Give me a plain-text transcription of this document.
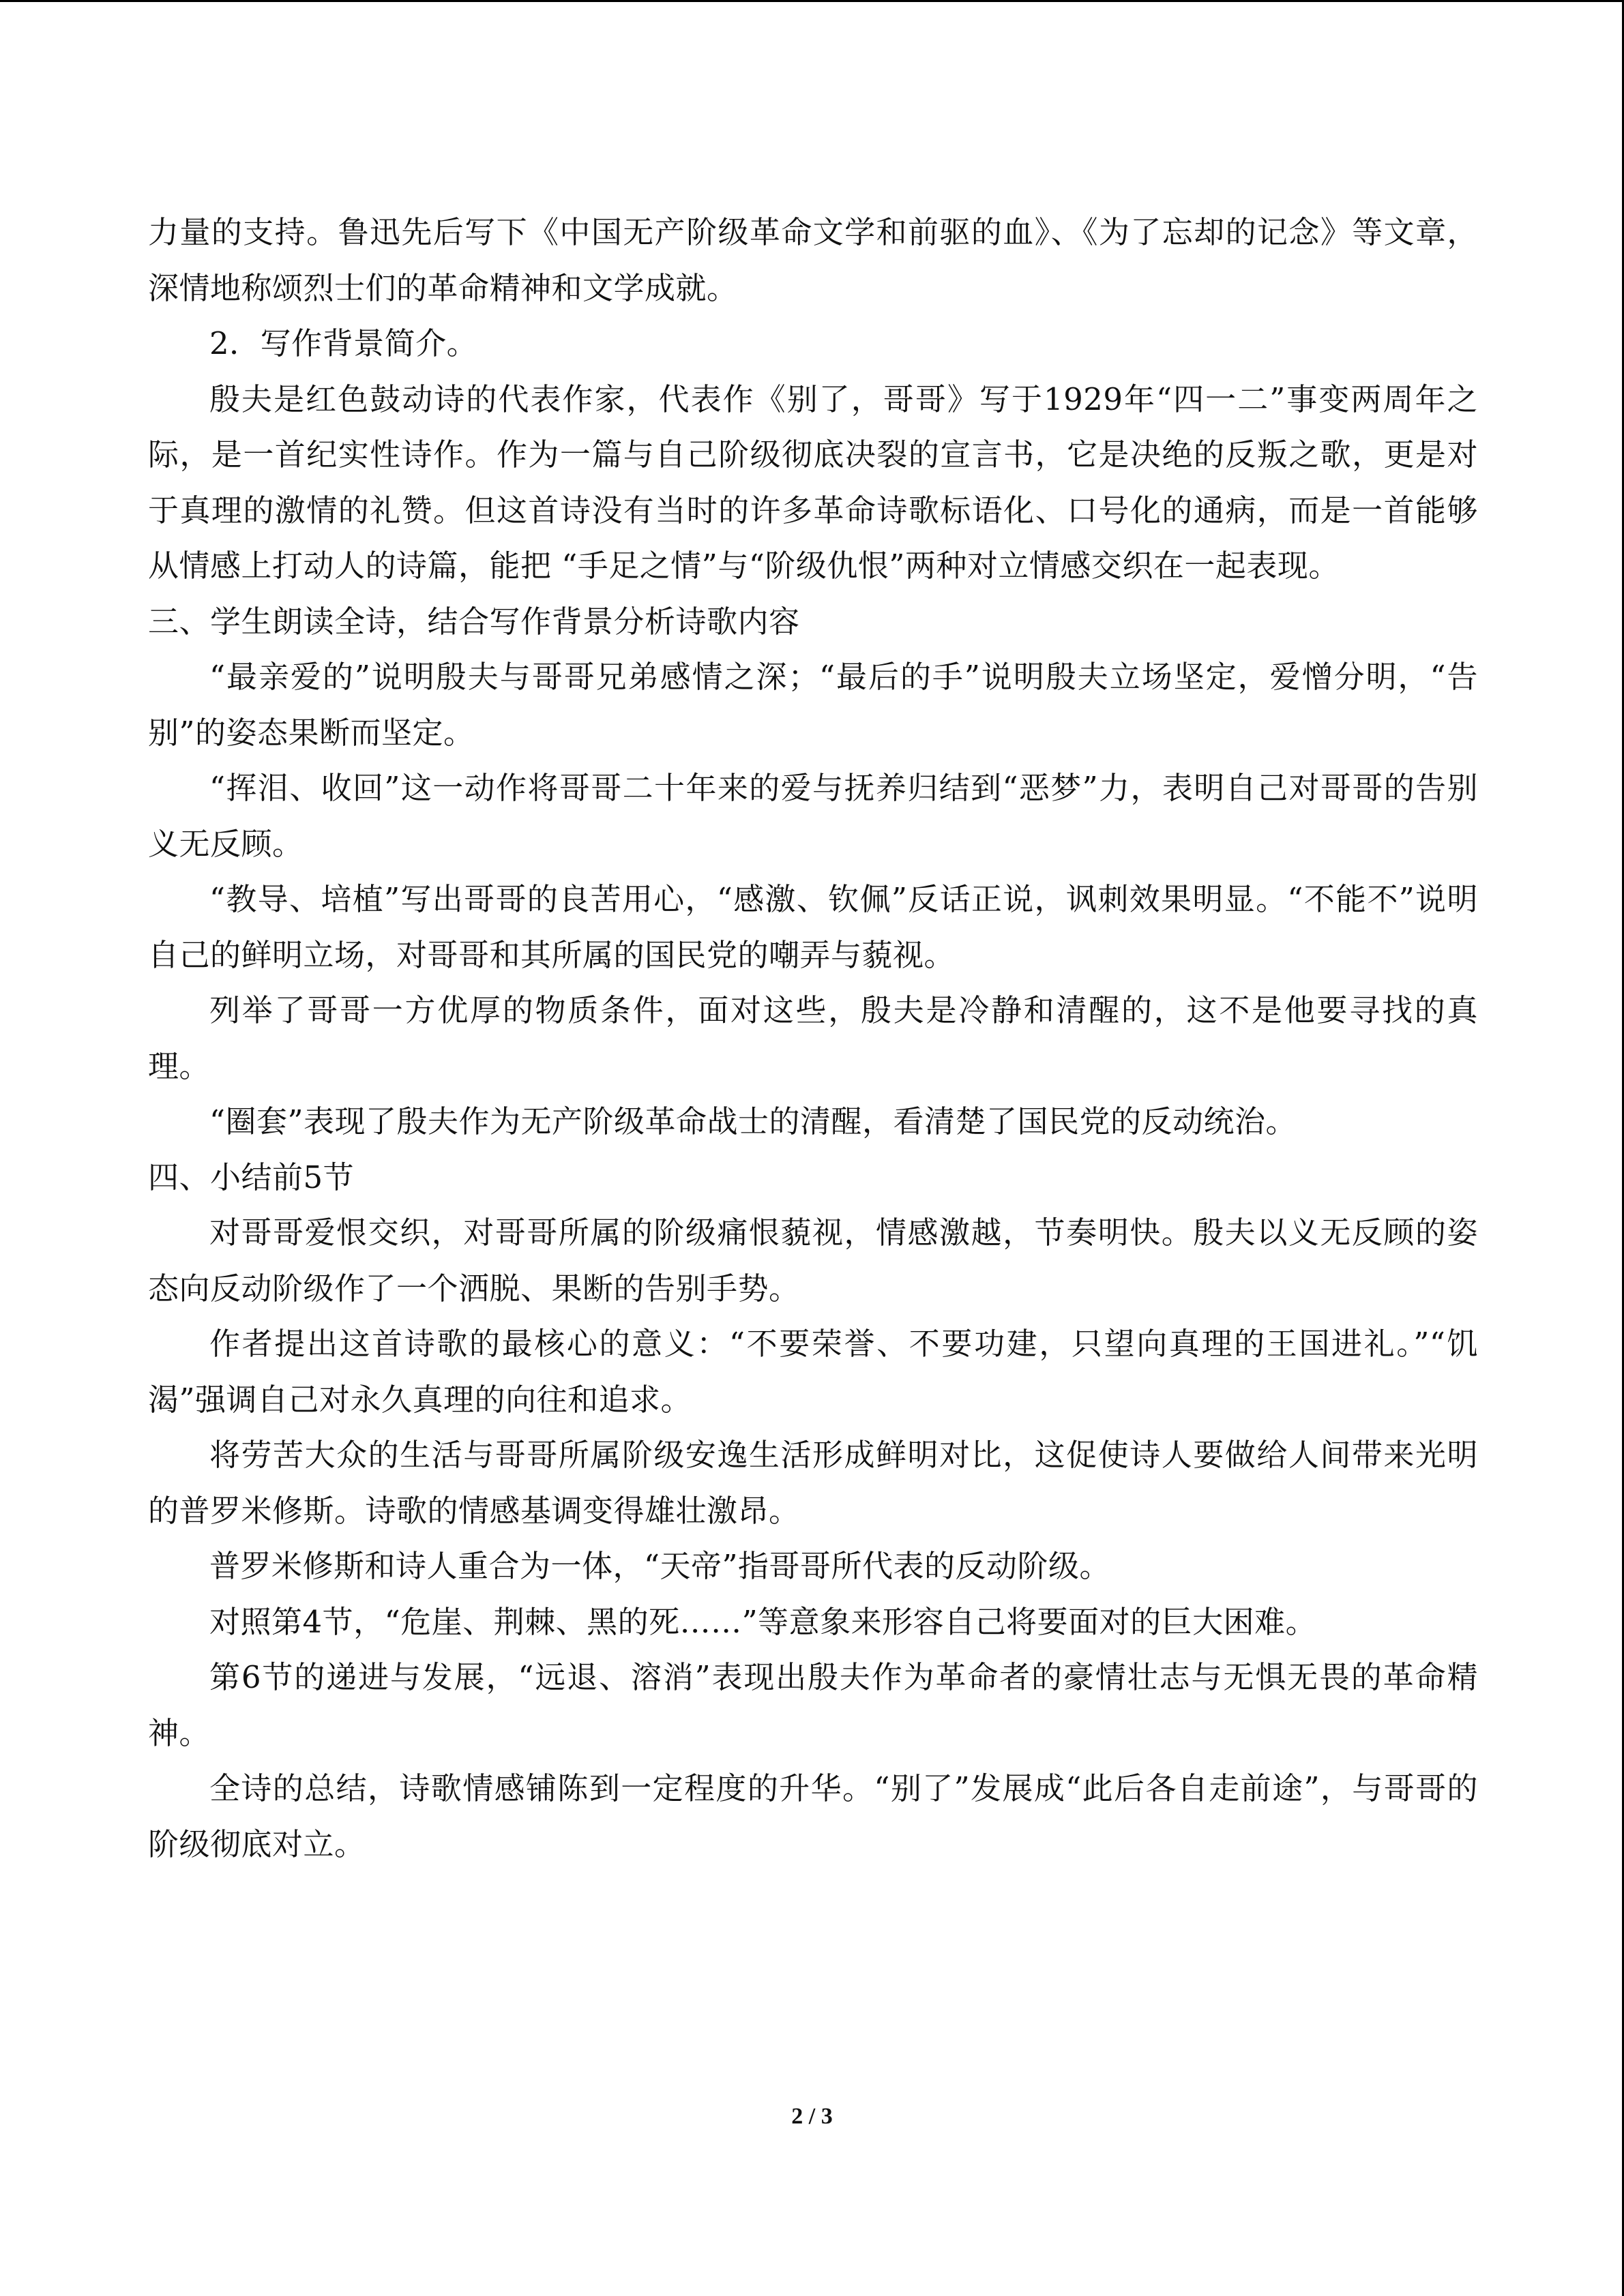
力量的支持。鲁迅先后写下《中国无产阶级革命文学和前驱的血》、《为了忘却的记念》等文章，深情地称颂烈士们的革命精神和文学成就。

2．写作背景简介。

殷夫是红色鼓动诗的代表作家，代表作《别了，哥哥》写于1929年“四一二”事变两周年之际，是一首纪实性诗作。作为一篇与自己阶级彻底决裂的宣言书，它是决绝的反叛之歌，更是对于真理的激情的礼赞。但这首诗没有当时的许多革命诗歌标语化、口号化的通病，而是一首能够从情感上打动人的诗篇，能把 “手足之情”与“阶级仇恨”两种对立情感交织在一起表现。

三、学生朗读全诗，结合写作背景分析诗歌内容

“最亲爱的”说明殷夫与哥哥兄弟感情之深；“最后的手”说明殷夫立场坚定，爱憎分明，“告别”的姿态果断而坚定。

“挥泪、收回”这一动作将哥哥二十年来的爱与抚养归结到“恶梦”力，表明自己对哥哥的告别义无反顾。

“教导、培植”写出哥哥的良苦用心，“感激、钦佩”反话正说，讽刺效果明显。“不能不”说明自己的鲜明立场，对哥哥和其所属的国民党的嘲弄与藐视。

列举了哥哥一方优厚的物质条件，面对这些，殷夫是冷静和清醒的，这不是他要寻找的真理。

“圈套”表现了殷夫作为无产阶级革命战士的清醒，看清楚了国民党的反动统治。

四、小结前5节

对哥哥爱恨交织，对哥哥所属的阶级痛恨藐视，情感激越，节奏明快。殷夫以义无反顾的姿态向反动阶级作了一个洒脱、果断的告别手势。

作者提出这首诗歌的最核心的意义：“不要荣誉、不要功建，只望向真理的王国进礼。”“饥渴”强调自己对永久真理的向往和追求。

将劳苦大众的生活与哥哥所属阶级安逸生活形成鲜明对比，这促使诗人要做给人间带来光明的普罗米修斯。诗歌的情感基调变得雄壮激昂。

普罗米修斯和诗人重合为一体，“天帝”指哥哥所代表的反动阶级。

对照第4节，“危崖、荆棘、黑的死……”等意象来形容自己将要面对的巨大困难。

第6节的递进与发展，“远退、溶消”表现出殷夫作为革命者的豪情壮志与无惧无畏的革命精神。

全诗的总结，诗歌情感铺陈到一定程度的升华。“别了”发展成“此后各自走前途”，与哥哥的阶级彻底对立。

2 / 3
